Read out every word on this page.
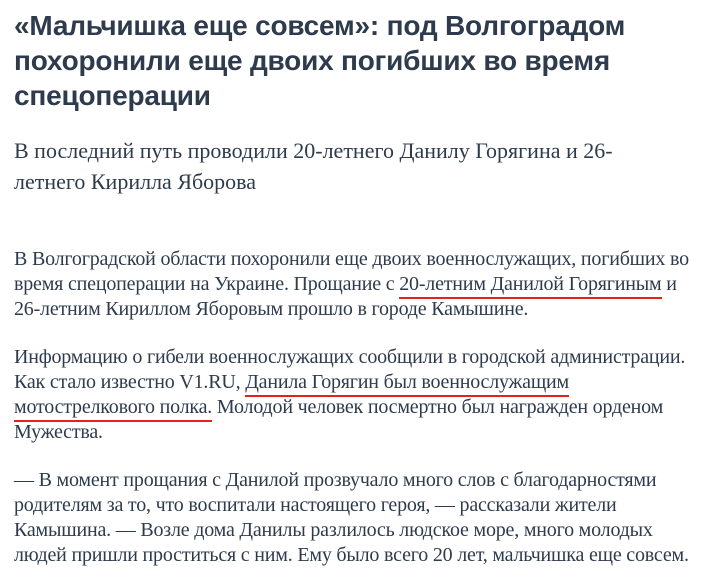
«Мальчишка еще совсем»: под Волгоградом похоронили еще двоих погибших во время спецоперации

В последний путь проводили 20-летнего Данилу Горягина и 26-летнего Кирилла Яборова

В Волгоградской области похоронили еще двоих военнослужащих, погибших во время спецоперации на Украине. Прощание с 20-летним Данилой Горягиным и 26-летним Кириллом Яборовым прошло в городе Камышине.

Информацию о гибели военнослужащих сообщили в городской администрации. Как стало известно V1.RU, Данила Горягин был военнослужащим мотострелкового полка. Молодой человек посмертно был награжден орденом Мужества.

— В момент прощания с Данилой прозвучало много слов с благодарностями родителям за то, что воспитали настоящего героя, — рассказали жители Камышина. — Возле дома Данилы разлилось людское море, много молодых людей пришли проститься с ним. Ему было всего 20 лет, мальчишка еще совсем.
